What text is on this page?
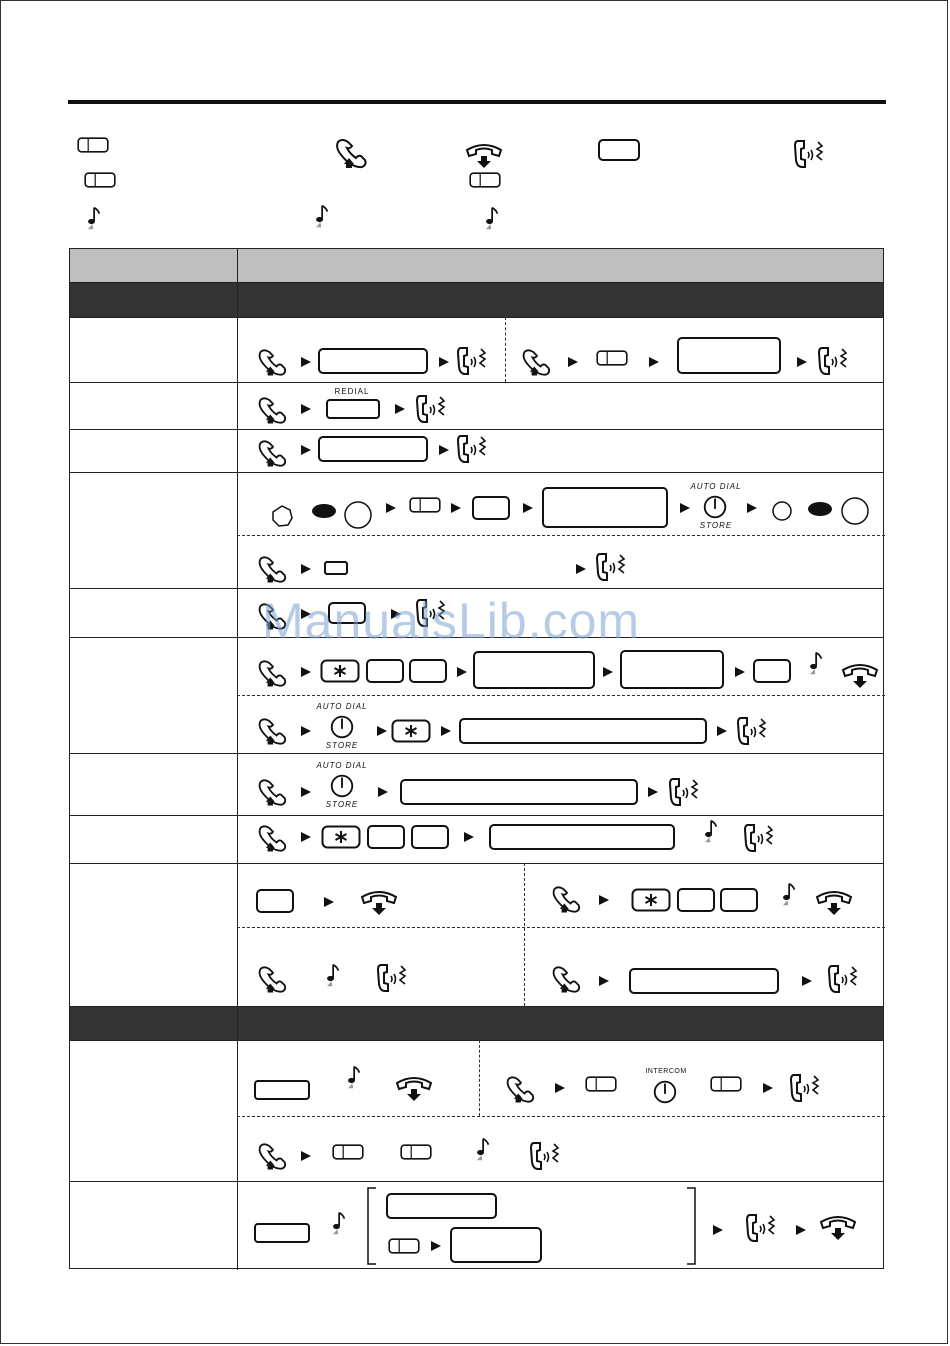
REDIAL
AUTO DIAL
STORE
AUTO DIAL
STORE
AUTO DIAL
STORE
INTERCOM
ManualsLib.com
